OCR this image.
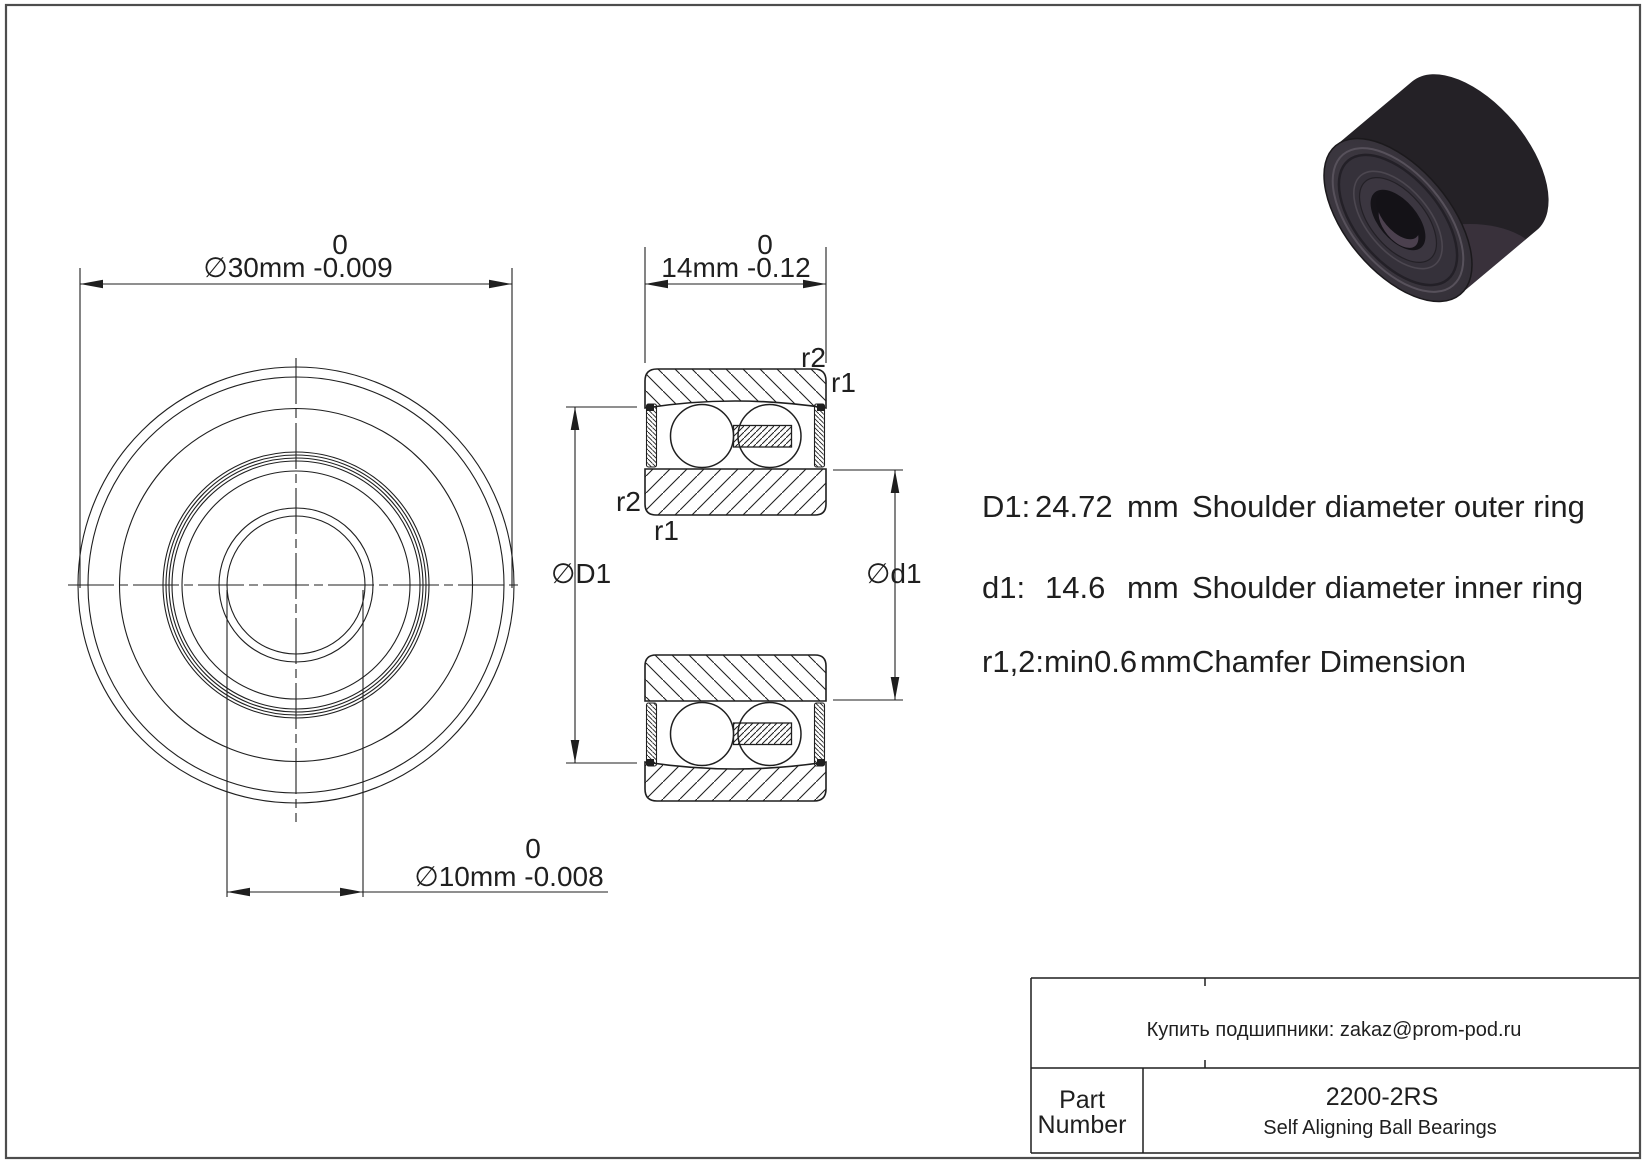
0
∅30mm -0.009
0
∅10mm -0.008
0
14mm -0.12
∅D1	∅d1
r2
r1
r2
r1
D1: 24.72 mm Shoulder diameter outer ring
d1: 14.6 mm Shoulder diameter inner ring
r1,2:min0.6 mm Chamfer Dimension
Купить подшипники: zakaz@prom-pod.ru
Part
Number
2200-2RS
Self Aligning Ball Bearings
